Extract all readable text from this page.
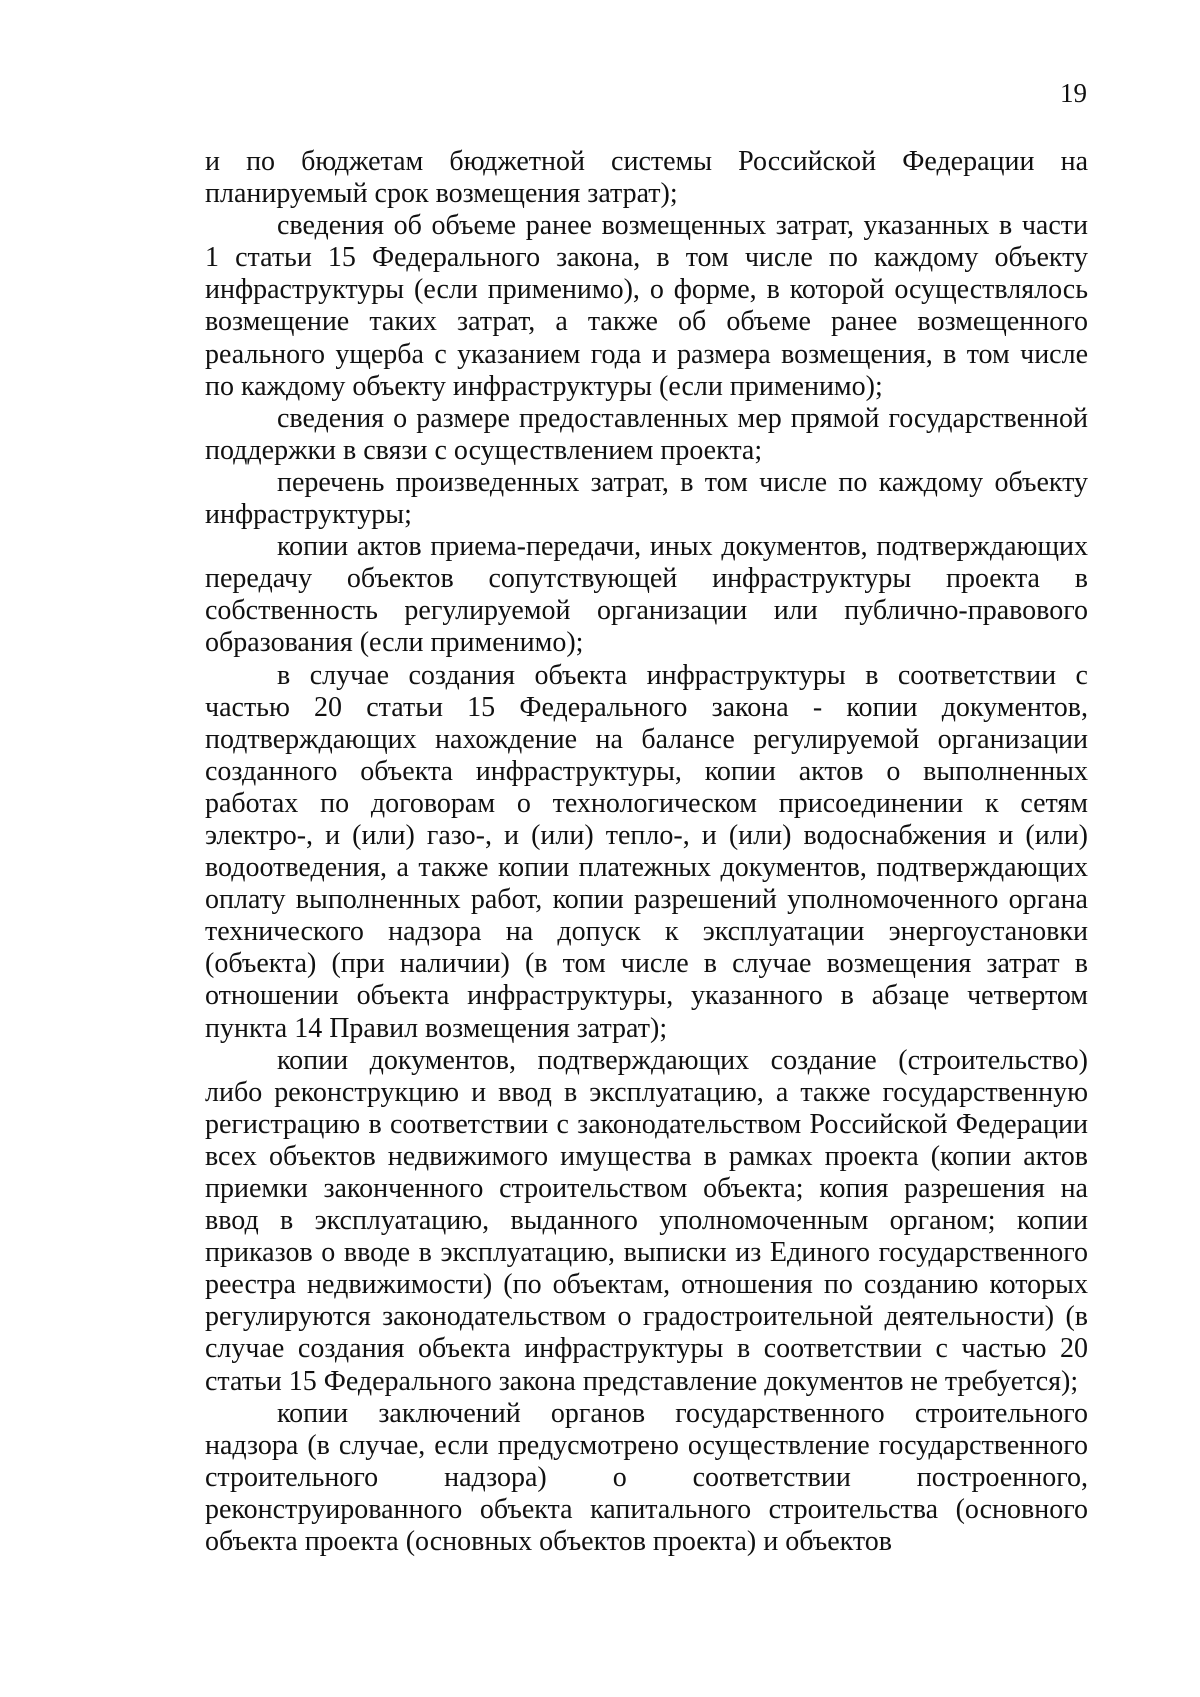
19

и по бюджетам бюджетной системы Российской Федерации на планируемый срок возмещения затрат);

сведения об объеме ранее возмещенных затрат, указанных в части 1 статьи 15 Федерального закона, в том числе по каждому объекту инфраструктуры (если применимо), о форме, в которой осуществлялось возмещение таких затрат, а также об объеме ранее возмещенного реального ущерба с указанием года и размера возмещения, в том числе по каждому объекту инфраструктуры (если применимо);

сведения о размере предоставленных мер прямой государственной поддержки в связи с осуществлением проекта;

перечень произведенных затрат, в том числе по каждому объекту инфраструктуры;

копии актов приема-передачи, иных документов, подтверждающих передачу объектов сопутствующей инфраструктуры проекта в собственность регулируемой организации или публично-правового образования (если применимо);

в случае создания объекта инфраструктуры в соответствии с частью 20 статьи 15 Федерального закона - копии документов, подтверждающих нахождение на балансе регулируемой организации созданного объекта инфраструктуры, копии актов о выполненных работах по договорам о технологическом присоединении к сетям электро-, и (или) газо-, и (или) тепло-, и (или) водоснабжения и (или) водоотведения, а также копии платежных документов, подтверждающих оплату выполненных работ, копии разрешений уполномоченного органа технического надзора на допуск к эксплуатации энергоустановки (объекта) (при наличии) (в том числе в случае возмещения затрат в отношении объекта инфраструктуры, указанного в абзаце четвертом пункта 14 Правил возмещения затрат);

копии документов, подтверждающих создание (строительство) либо реконструкцию и ввод в эксплуатацию, а также государственную регистрацию в соответствии с законодательством Российской Федерации всех объектов недвижимого имущества в рамках проекта (копии актов приемки законченного строительством объекта; копия разрешения на ввод в эксплуатацию, выданного уполномоченным органом; копии приказов о вводе в эксплуатацию, выписки из Единого государственного реестра недвижимости) (по объектам, отношения по созданию которых регулируются законодательством о градостроительной деятельности) (в случае создания объекта инфраструктуры в соответствии с частью 20 статьи 15 Федерального закона представление документов не требуется);

копии заключений органов государственного строительного надзора (в случае, если предусмотрено осуществление государственного строительного надзора) о соответствии построенного, реконструированного объекта капитального строительства (основного объекта проекта (основных объектов проекта) и объектов
